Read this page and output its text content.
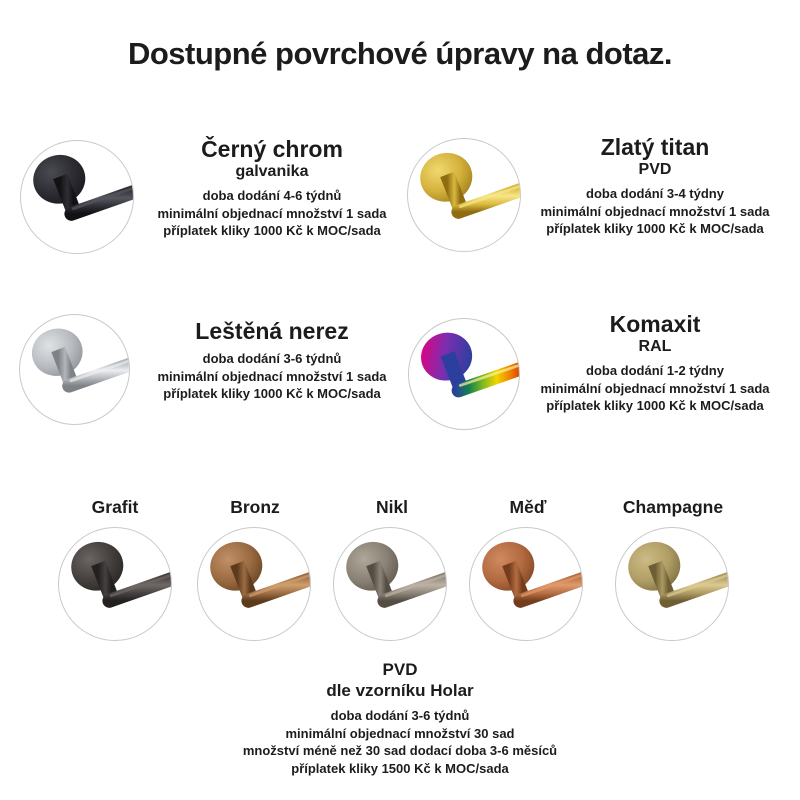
Dostupné povrchové úpravy na dotaz.
Černý chrom
galvanika
doba dodání 4-6 týdnů
minimální objednací množství 1 sada
příplatek kliky 1000 Kč k MOC/sada
Zlatý titan
PVD
doba dodání 3-4 týdny
minimální objednací množství 1 sada
příplatek kliky 1000 Kč k MOC/sada
Leštěná nerez
doba dodání 3-6 týdnů
minimální objednací množství 1 sada
příplatek kliky 1000 Kč k MOC/sada
Komaxit
RAL
doba dodání 1-2 týdny
minimální objednací množství 1 sada
příplatek kliky 1000 Kč k MOC/sada
Grafit	Bronz	Nikl	Měď	Champagne

PVD

dle vzorníku Holar

doba dodání 3-6 týdnů
minimální objednací množství 30 sad
množství méně než 30 sad dodací doba 3-6 měsíců
příplatek kliky 1500 Kč k MOC/sada
